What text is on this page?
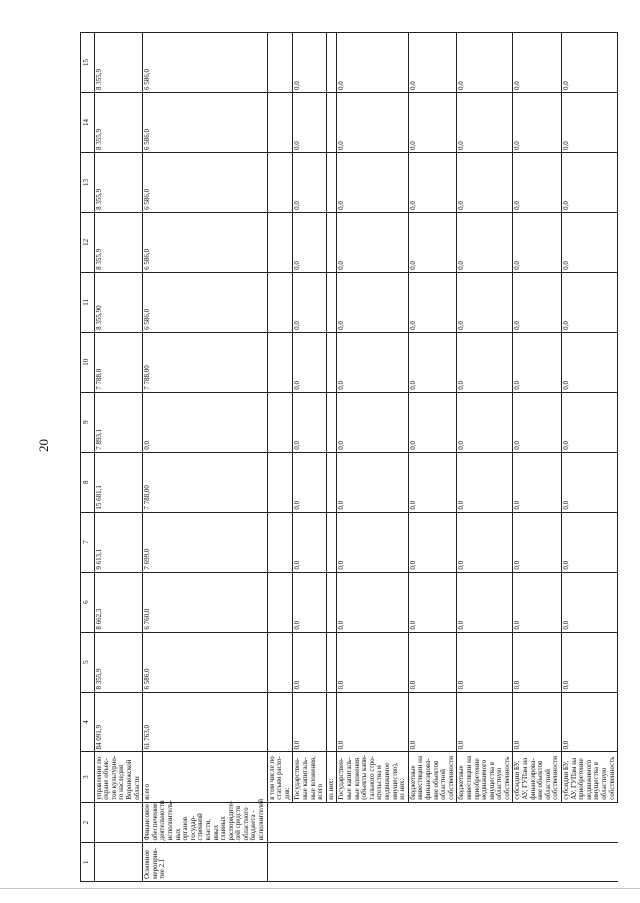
20
1	2	3	4	5	6	7	8	9	10	11	12	13	14	15
		управление по охране объектов культурного наследия Воронежской области	84 091,9	8 355,9	8 662,3	9 613,1	15 681,1	7 893,1	7 788,0	8 355,90	8 355,9	8 355,9	8 355,9	8 355,9
Основное мероприятие 2.1	Финансовое обеспечение деятельности исполнительных органов государственной власти, иных главных распорядителей средств областного бюджета - исполнителей	всего	61 763,0	6 586,0	6 760,0	7 699,0	7 788,00	0,0	7 788,00	6 586,0	6 586,0	6 586,0	6 586,0	6 586,0
		в том числе по статьям расходов:												
		Государственные капитальные вложения, всего	0,0	0,0	0,0	0,0	0,0	0,0	0,0	0,0	0,0	0,0	0,0	0,0
		из них:												
		Государственные капитальные вложения (объекты капитального строительства и недвижимое имущество), из них:	0,0	0,0	0,0	0,0	0,0	0,0	0,0	0,0	0,0	0,0	0,0	0,0
		бюджетные инвестиции на финансирование объектов областной собственности	0,0	0,0	0,0	0,0	0,0	0,0	0,0	0,0	0,0	0,0	0,0	0,0
		бюджетные инвестиции на приобретение недвижимого имущества в областную собственность	0,0	0,0	0,0	0,0	0,0	0,0	0,0	0,0	0,0	0,0	0,0	0,0
		субсидии БУ, АУ, ГУПам на финансирование объектов областной собственности	0,0	0,0	0,0	0,0	0,0	0,0	0,0	0,0	0,0	0,0	0,0	0,0
		субсидии БУ, АУ, ГУПам на приобретение недвижимого имущества в областную собственность	0,0	0,0	0,0	0,0	0,0	0,0	0,0	0,0	0,0	0,0	0,0	0,0
